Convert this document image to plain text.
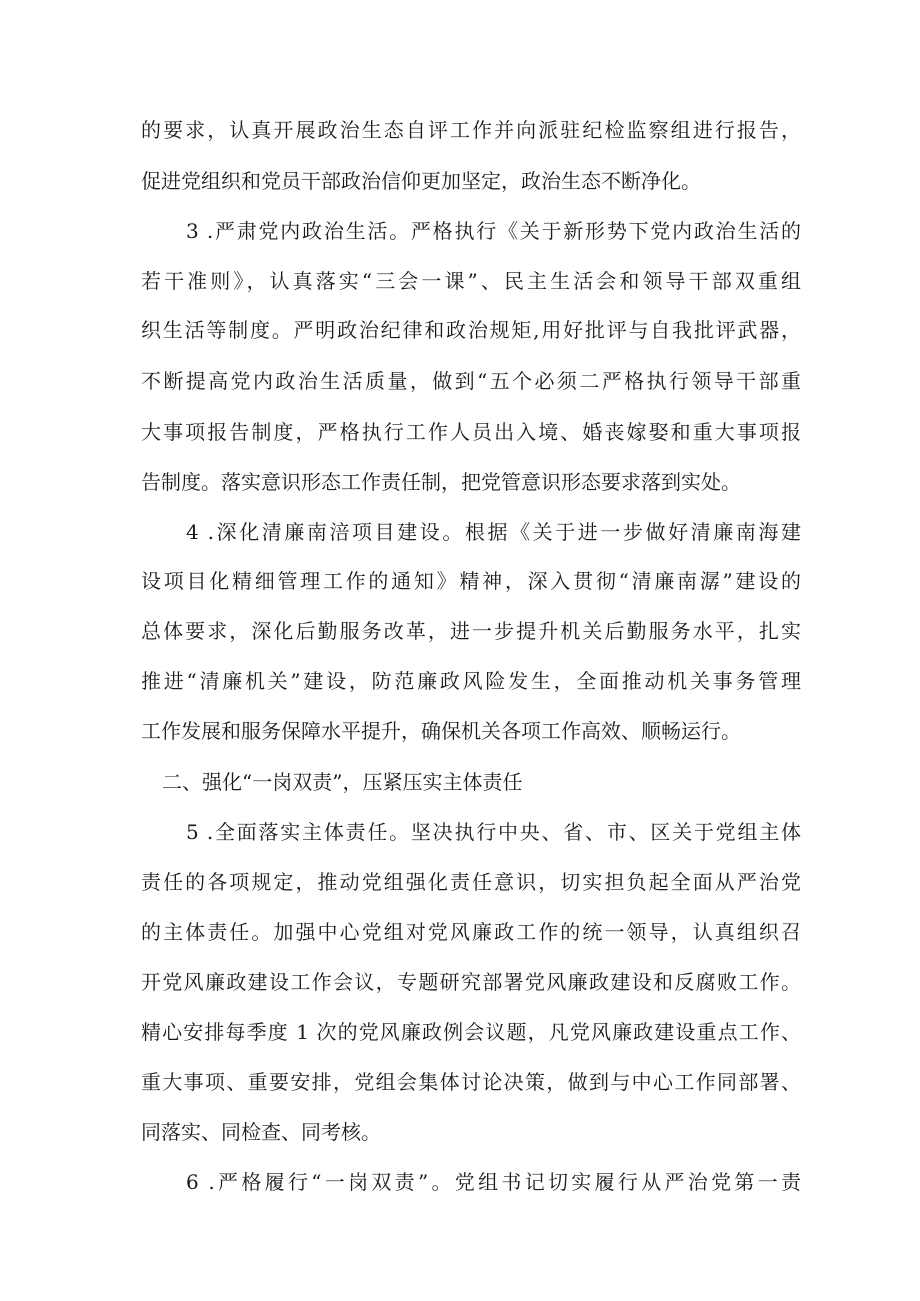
的要求，认真开展政治生态自评工作并向派驻纪检监察组进行报告，
促进党组织和党员干部政治信仰更加坚定，政治生态不断净化。
3 .严肃党内政治生活。严格执行《关于新形势下党内政治生活的
若干准则》，认真落实“三会一课”、民主生活会和领导干部双重组
织生活等制度。严明政治纪律和政治规矩,用好批评与自我批评武器，
不断提高党内政治生活质量，做到“五个必须二严格执行领导干部重
大事项报告制度，严格执行工作人员出入境、婚丧嫁娶和重大事项报
告制度。落实意识形态工作责任制，把党管意识形态要求落到实处。
4 .深化清廉南涪项目建设。根据《关于进一步做好清廉南海建
设项目化精细管理工作的通知》精神，深入贯彻“清廉南潺”建设的
总体要求，深化后勤服务改革，进一步提升机关后勤服务水平，扎实
推进“清廉机关”建设，防范廉政风险发生，全面推动机关事务管理
工作发展和服务保障水平提升，确保机关各项工作高效、顺畅运行。
二、强化“一岗双责”，压紧压实主体责任
5 .全面落实主体责任。坚决执行中央、省、市、区关于党组主体
责任的各项规定，推动党组强化责任意识，切实担负起全面从严治党
的主体责任。加强中心党组对党风廉政工作的统一领导，认真组织召
开党风廉政建设工作会议，专题研究部署党风廉政建设和反腐败工作。
精心安排每季度 1 次的党风廉政例会议题，凡党风廉政建设重点工作、
重大事项、重要安排，党组会集体讨论决策，做到与中心工作同部署、
同落实、同检查、同考核。
6 .严格履行“一岗双责”。党组书记切实履行从严治党第一责
